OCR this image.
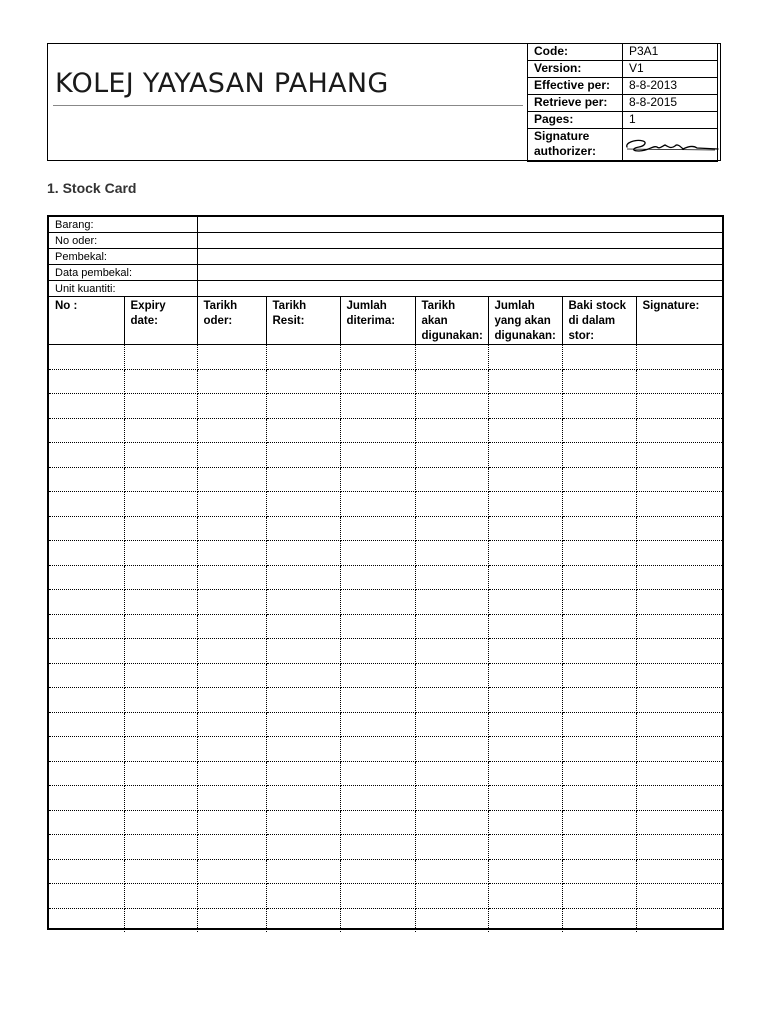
KOLEJ YAYASAN PAHANG
Code:	P3A1
Version:	V1
Effective per:	8-8-2013
Retrieve per:	8-8-2015
Pages:	1
Signature authorizer:	
1. Stock Card
Barang:	
No oder:	
Pembekal:	
Data pembekal:	
Unit kuantiti:	
No :	Expiry date:	Tarikh oder:	Tarikh Resit:	Jumlah diterima:	Tarikh akan digunakan:	Jumlah yang akan digunakan:	Baki stock di dalam stor:	Signature:
